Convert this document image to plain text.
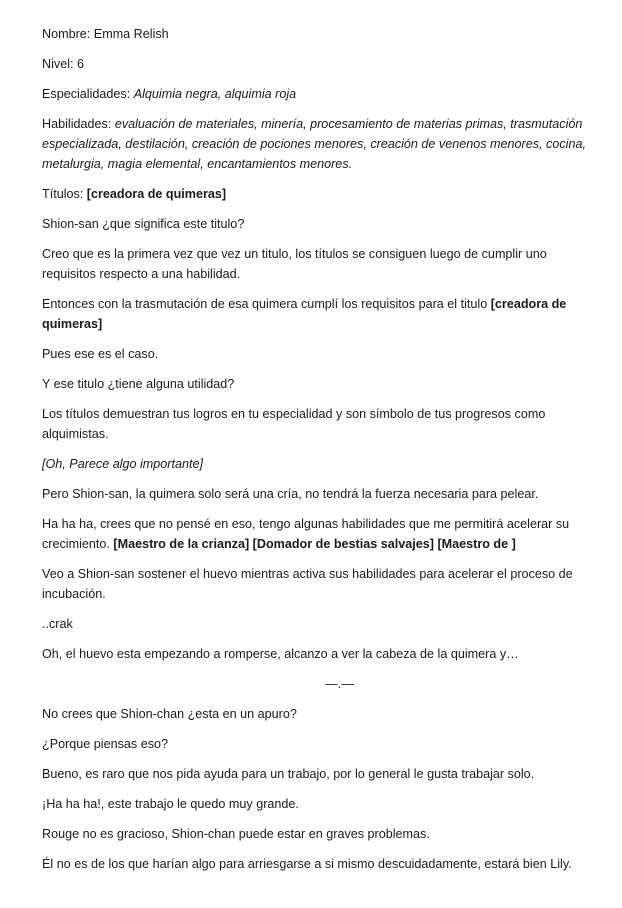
Nombre: Emma Relish

Nivel: 6

Especialidades: Alquimia negra, alquimia roja

Habilidades: evaluación de materiales, minería, procesamiento de materias primas, trasmutación especializada, destilación, creación de pociones menores, creación de venenos menores, cocina, metalurgia, magia elemental, encantamientos menores.

Títulos: [creadora de quimeras]

Shion-san ¿que significa este titulo?

Creo que es la primera vez que vez un titulo, los títulos se consiguen luego de cumplir uno requisitos respecto a una habilidad.

Entonces con la trasmutación de esa quimera cumplí los requisitos para el titulo [creadora de quimeras]

Pues ese es el caso.

Y ese titulo ¿tiene alguna utilidad?

Los títulos demuestran tus logros en tu especialidad y son símbolo de tus progresos como alquimistas.

[Oh, Parece algo importante]

Pero Shion-san, la quimera solo será una cría, no tendrá la fuerza necesaria para pelear.

Ha ha ha, crees que no pensé en eso, tengo algunas habilidades que me permitirá acelerar su crecimiento. [Maestro de la crianza] [Domador de bestias salvajes] [Maestro de ]

Veo a Shion-san sostener el huevo mientras activa sus habilidades para acelerar el proceso de incubación.

..crak

Oh, el huevo esta empezando a romperse, alcanzo a ver la cabeza de la quimera y…

—.—

No crees que Shion-chan ¿esta en un apuro?

¿Porque piensas eso?

Bueno, es raro que nos pida ayuda para un trabajo, por lo general le gusta trabajar solo.

¡Ha ha ha!, este trabajo le quedo muy grande.

Rouge no es gracioso, Shion-chan puede estar en graves problemas.

Él no es de los que harían algo para arriesgarse a si mismo descuidadamente, estará bien Lily.
